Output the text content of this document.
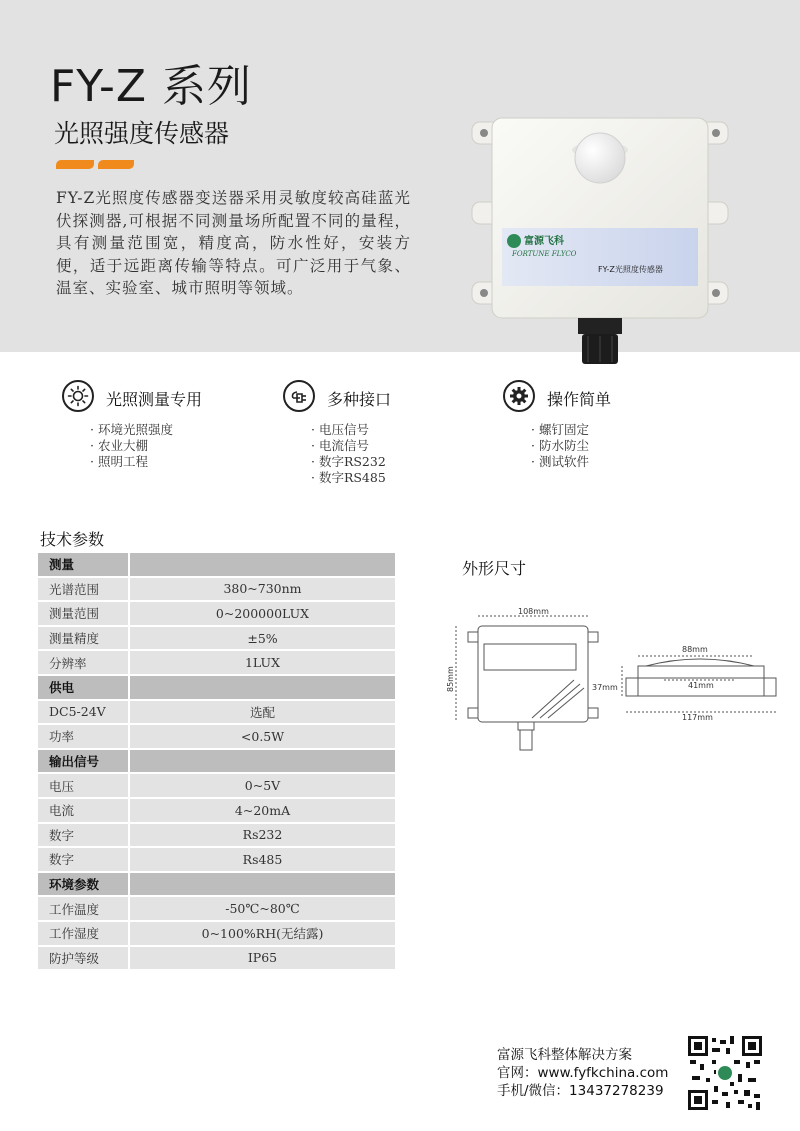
FY-Z 系列
光照强度传感器
FY-Z光照度传感器变送器采用灵敏度较高硅蓝光伏探测器,可根据不同测量场所配置不同的量程，具有测量范围宽，精度高，防水性好，安装方便，适于远距离传输等特点。可广泛用于气象、温室、实验室、城市照明等领域。
富源飞科
FORTUNE FLYCO
FY-Z光照度传感器
光照测量专用
· 环境光照强度
· 农业大棚
· 照明工程
多种接口
· 电压信号
· 电流信号
· 数字RS232
· 数字RS485
操作简单
· 螺钉固定
· 防水防尘
· 测试软件
技术参数
测量	
光谱范围	380~730nm
测量范围	0~200000LUX
测量精度	±5%
分辨率	1LUX
供电	
DC5-24V	选配
功率	<0.5W
输出信号	
电压	0~5V
电流	4~20mA
数字	Rs232
数字	Rs485
环境参数	
工作温度	-50℃~80℃
工作湿度	0~100%RH(无结露)
防护等级	IP65
外形尺寸
108mm
85mm
88mm
41mm
37mm
117mm
富源飞科整体解决方案
官网：www.fyfkchina.com
手机/微信：13437278239
